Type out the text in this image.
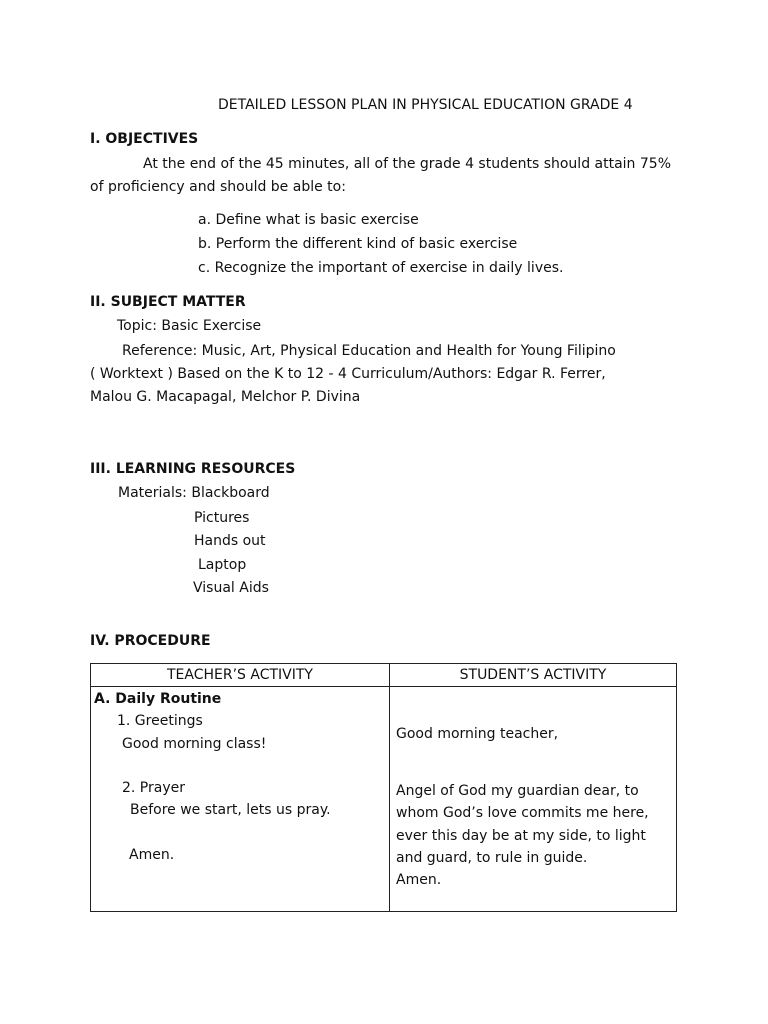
DETAILED LESSON PLAN IN PHYSICAL EDUCATION GRADE 4
I. OBJECTIVES
At the end of the 45 minutes, all of the grade 4 students should attain 75%
of proficiency and should be able to:
a. Define what is basic exercise
b. Perform the different kind of basic exercise
c. Recognize the important of exercise in daily lives.
II. SUBJECT MATTER
Topic: Basic Exercise
Reference: Music, Art, Physical Education and Health for Young Filipino
( Worktext ) Based on the K to 12 - 4 Curriculum/Authors: Edgar R. Ferrer,
Malou G. Macapagal, Melchor P. Divina
III. LEARNING RESOURCES
Materials: Blackboard
Pictures
Hands out
Laptop
Visual Aids
IV. PROCEDURE
TEACHER’S ACTIVITY	STUDENT’S ACTIVITY
A. Daily Routine
1. Greetings
Good morning class!
2. Prayer
Before we start, lets us pray.
Amen.
Good morning teacher,
Angel of God my guardian dear, to
whom God’s love commits me here,
ever this day be at my side, to light
and guard, to rule in guide.
Amen.
